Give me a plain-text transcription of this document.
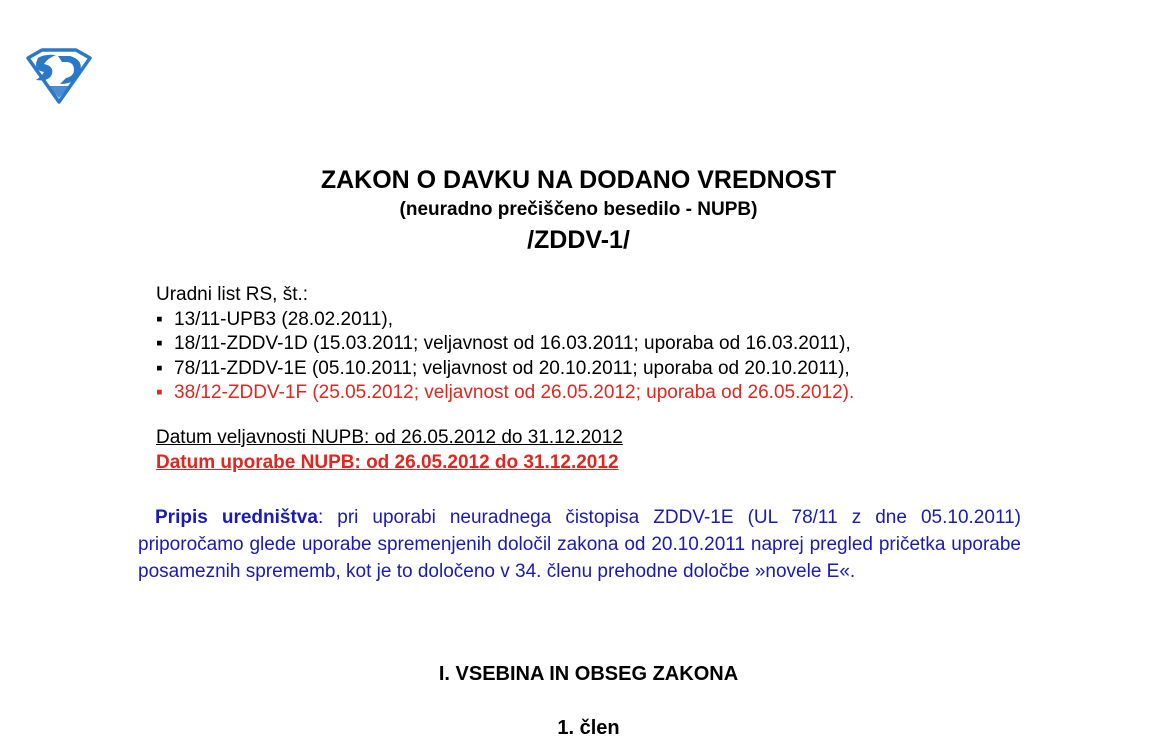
ZAKON O DAVKU NA DODANO VREDNOST
(neuradno prečiščeno besedilo - NUPB)
/ZDDV-1/
Uradni list RS, št.:
▪ 13/11-UPB3 (28.02.2011),
▪ 18/11-ZDDV-1D (15.03.2011; veljavnost od 16.03.2011; uporaba od 16.03.2011),
▪ 78/11-ZDDV-1E (05.10.2011; veljavnost od 20.10.2011; uporaba od 20.10.2011),
▪ 38/12-ZDDV-1F (25.05.2012; veljavnost od 26.05.2012; uporaba od 26.05.2012).
Datum veljavnosti NUPB: od 26.05.2012 do 31.12.2012
Datum uporabe NUPB: od 26.05.2012 do 31.12.2012
Pripis uredništva: pri uporabi neuradnega čistopisa ZDDV-1E (UL 78/11 z dne 05.10.2011) priporočamo glede uporabe spremenjenih določil zakona od 20.10.2011 naprej pregled pričetka uporabe posameznih sprememb, kot je to določeno v 34. členu prehodne določbe »novele E«.
I. VSEBINA IN OBSEG ZAKONA
1. člen
